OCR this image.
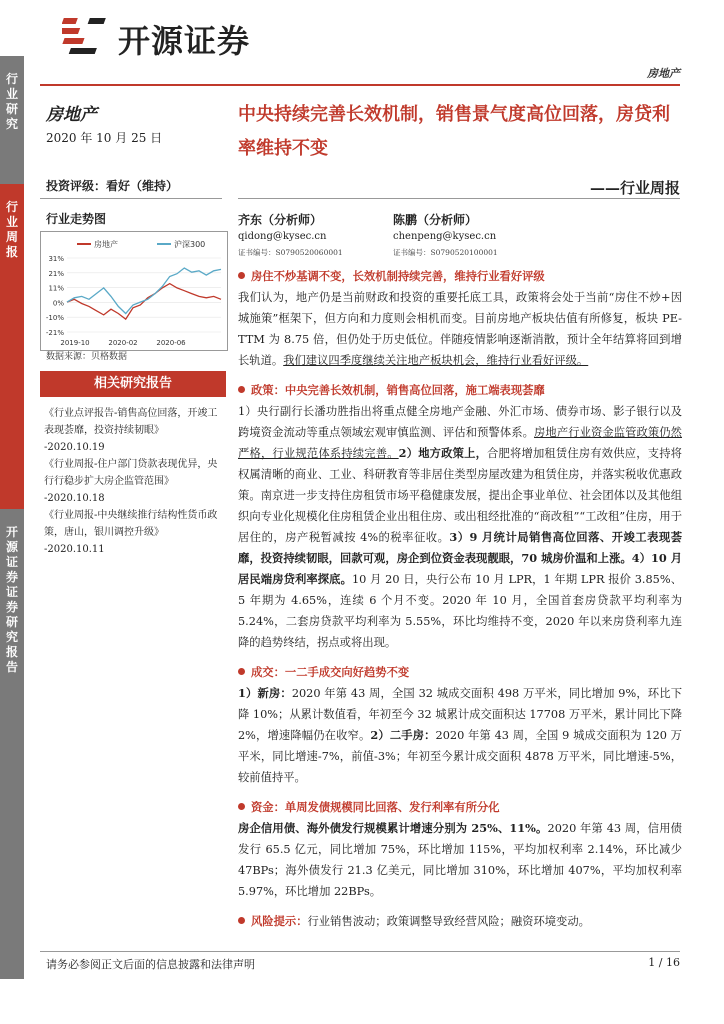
行业研究
行业周报
开源证券 证券研究报告
开源证券
房地产
房地产
2020 年 10 月 25 日
投资评级：看好（维持）
中央持续完善长效机制，销售景气度高位回落，房贷利率维持不变
——行业周报
行业走势图
房地产	沪深300
31%
21%
11%
0%
-10%
-21%
2019-10	2020-02	2020-06
数据来源：贝格数据
相关研究报告
《行业点评报告-销售高位回落，开竣工表现荟靡，投资持续韧眼》
-2020.10.19
《行业周报-住户部门贷款表现优异，央行行稳步扩大房企监管范围》
-2020.10.18
《行业周报-中央继续推行结构性货币政策，唐山，银川调控升级》
-2020.10.11
齐东（分析师）
qidong@kysec.cn
证书编号：S0790520060001
陈鹏（分析师）
chenpeng@kysec.cn
证书编号：S0790520100001

房住不炒基调不变，长效机制持续完善，维持行业看好评级

我们认为，地产仍是当前财政和投资的重要托底工具，政策将会处于当前“房住不炒+因城施策”框架下，但方向和力度则会相机而变。目前房地产板块估值有所修复，板块 PE-TTM 为 8.75 倍，但仍处于历史低位。伴随疫情影响逐渐消散，预计全年结算将回到增长轨道。我们建议四季度继续关注地产板块机会，维持行业看好评级。

政策：中央完善长效机制，销售高位回落，施工端表现荟靡

1）央行副行长潘功胜指出将重点健全房地产金融、外汇市场、债券市场、影子银行以及跨境资金流动等重点领域宏观审慎监测、评估和预警体系。房地产行业资金监管政策仍然严格，行业规范体系持续完善。2）地方政策上，合肥将增加租赁住房有效供应，支持将权属清晰的商业、工业、科研教育等非居住类型房屋改建为租赁住房，并落实税收优惠政策。南京进一步支持住房租赁市场平稳健康发展，提出企事业单位、社会团体以及其他组织向专业化规模化住房租赁企业出租住房、或出租经批准的“商改租”“工改租”住房，用于居住的，房产税暂减按 4%的税率征收。3）9 月统计局销售高位回落、开竣工表现荟靡，投资持续韧眼，回款可观，房企到位资金表现靓眼，70 城房价温和上涨。4）10 月居民端房贷利率探底。10 月 20 日，央行公布 10 月 LPR，1 年期 LPR 报价 3.85%、5 年期为 4.65%，连续 6 个月不变。2020 年 10 月，全国首套房贷款平均利率为 5.24%，二套房贷款平均利率为 5.55%，环比均维持不变，2020 年以来房贷利率九连降的趋势终结，拐点或将出现。

成交：一二手成交向好趋势不变

1）新房：2020 年第 43 周，全国 32 城成交面积 498 万平米，同比增加 9%，环比下降 10%；从累计数值看，年初至今 32 城累计成交面积达 17708 万平米，累计同比下降 2%，增速降幅仍在收窄。2）二手房：2020 年第 43 周，全国 9 城成交面积为 120 万平米，同比增速-7%，前值-3%；年初至今累计成交面积 4878 万平米，同比增速-5%，较前值持平。

资金：单周发债规模同比回落、发行利率有所分化

房企信用债、海外债发行规模累计增速分别为 25%、11%。2020 年第 43 周，信用债发行 65.5 亿元，同比增加 75%，环比增加 115%，平均加权利率 2.14%，环比减少 47BPs；海外债发行 21.3 亿美元，同比增加 310%，环比增加 407%，平均加权利率 5.97%，环比增加 22BPs。

风险提示：行业销售波动；政策调整导致经营风险；融资环境变动。

请务必参阅正文后面的信息披露和法律声明	1 / 16
